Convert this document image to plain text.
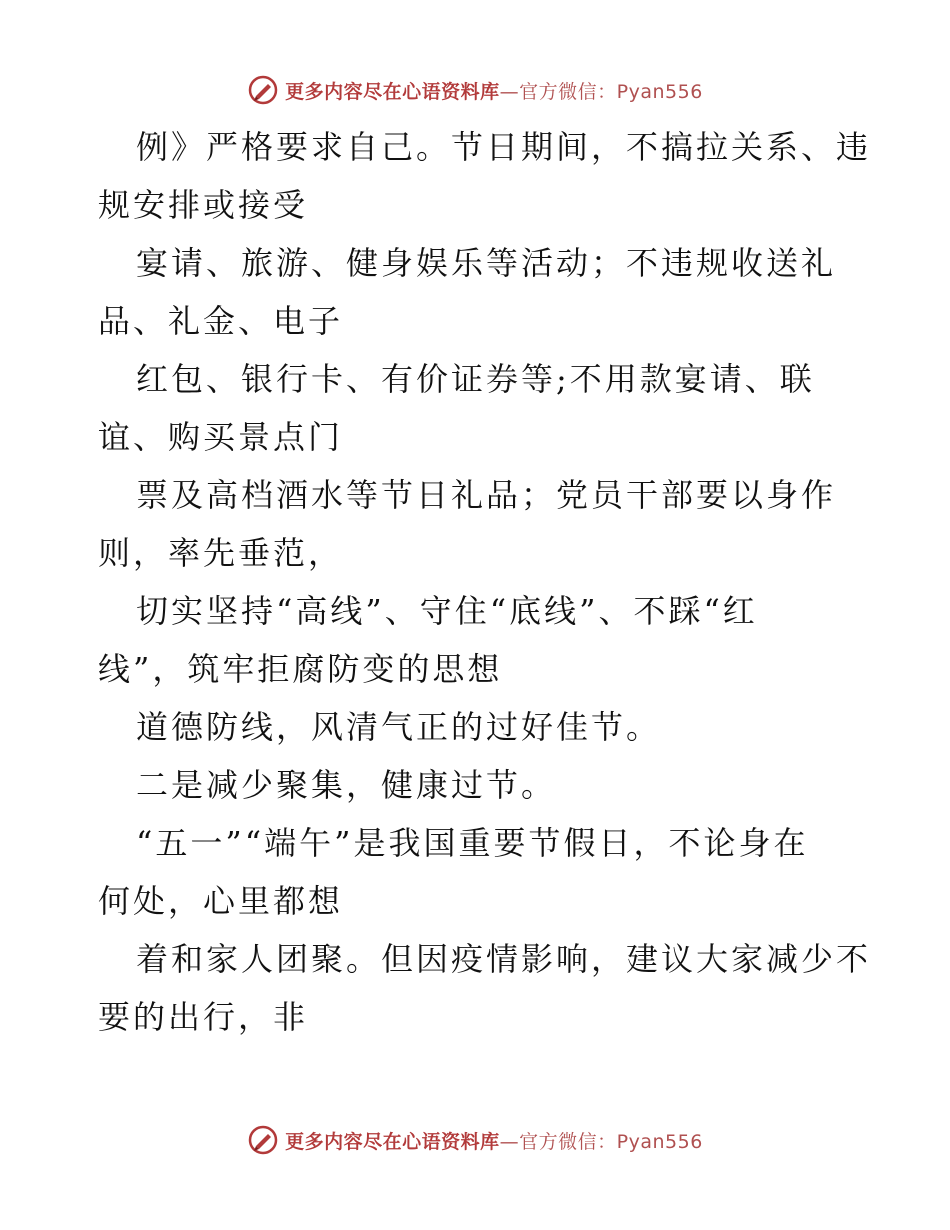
更多内容尽在心语资料库 —官方微信：Pyan556
例》严格要求自己。节日期间，不搞拉关系、违
规安排或接受
宴请、旅游、健身娱乐等活动；不违规收送礼
品、礼金、电子
红包、银行卡、有价证券等;不用款宴请、联
谊、购买景点门
票及高档酒水等节日礼品；党员干部要以身作
则，率先垂范，
切实坚持“高线”、守住“底线”、不踩“红
线”，筑牢拒腐防变的思想
道德防线，风清气正的过好佳节。
二是减少聚集，健康过节。
“五一”“端午”是我国重要节假日，不论身在
何处，心里都想
着和家人团聚。但因疫情影响，建议大家减少不
要的出行，非
更多内容尽在心语资料库 —官方微信：Pyan556
